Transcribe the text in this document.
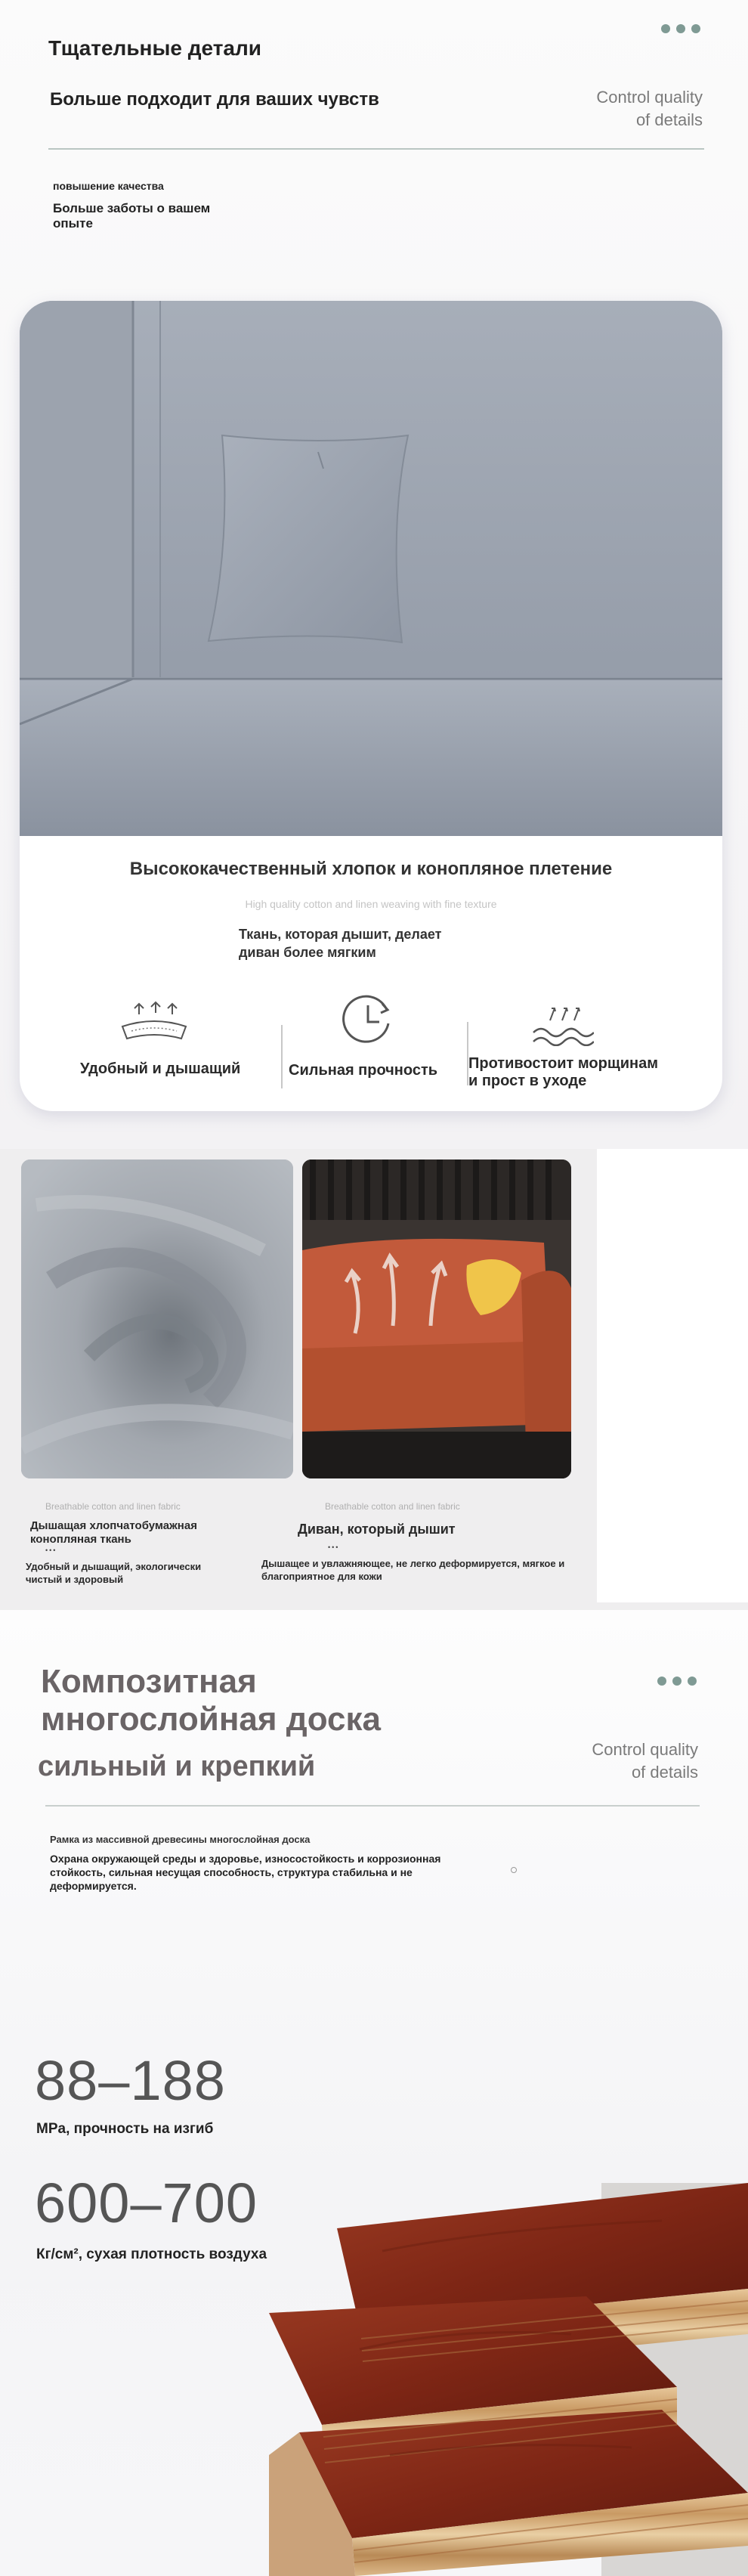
Тщательные детали
Больше подходит для ваших чувств	Control quality
of details
повышение качества
Больше заботы о вашем
опыте
Высококачественный хлопок и конопляное плетение
High quality cotton and linen weaving with fine texture
Ткань, которая дышит, делает
диван более мягким
Удобный и дышащий	Сильная прочность Противостоит морщинам
и прост в уходе
Breathable cotton and linen fabric
Дышащая хлопчатобумажная
конопляная ткань
•••
Удобный и дышащий, экологически
чистый и здоровый
Breathable cotton and linen fabric
Диван, который дышит
•••
Дышащее и увлажняющее, не легко деформируется, мягкое и
благоприятное для кожи
Композитная
многослойная доска
сильный и крепкий
Control quality
of details
Рамка из массивной древесины многослойная доска
Охрана окружающей среды и здоровье, износостойкость и коррозионная
стойкость, сильная несущая способность, структура стабильна и не
деформируется.
88–188
MPa, прочность на изгиб
600–700
Кг/см², сухая плотность воздуха
